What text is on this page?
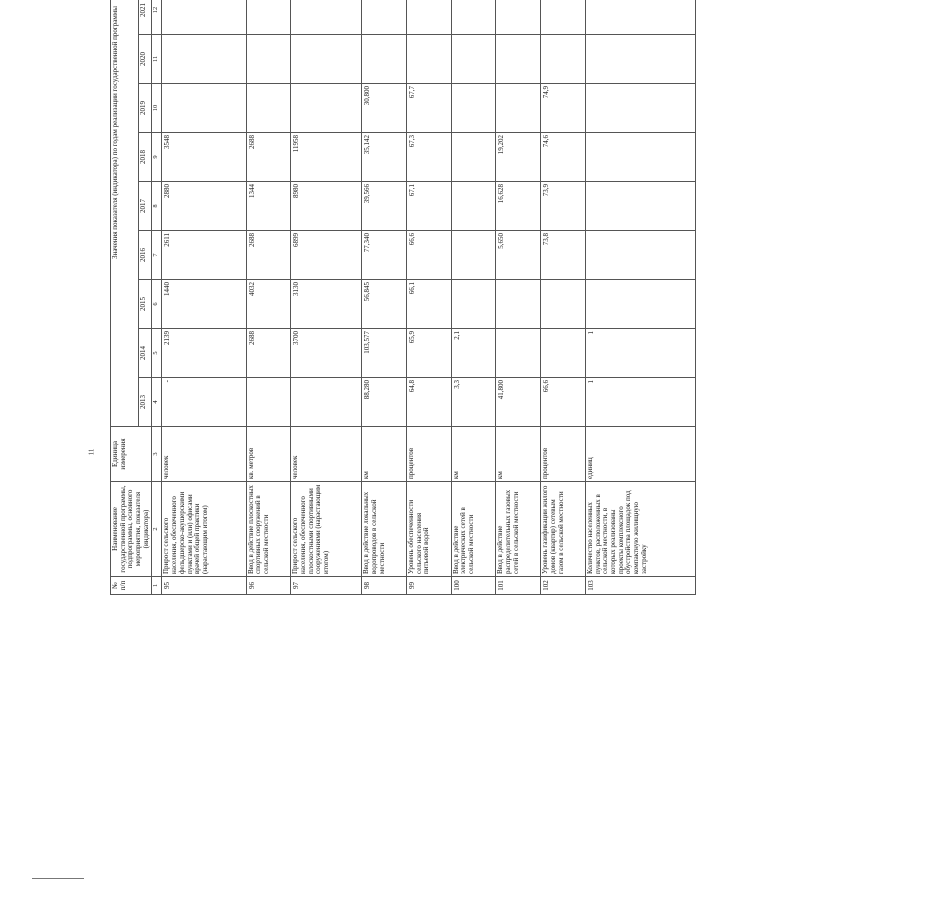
11
№ п/п	Наименование государственной программы, подпрограммы, основного мероприятия, показателя (индикатора)	Единица измерения	Значения показателя (индикатора) по годам реализации государственной программы	
			2013	2014	2015	2016	2017	2018	2019	2020	2021			
1	2	3	4	5	6	7	8	9	10	11	12				
95	Прирост сельского населения, обеспеченного фельдшерско-акушерскими пунктами и (или) офисами врачей общей практики (нарастающим итогом)	человек	-	2139	1440	2611	2880	3548							
96	Ввод в действие плоскостных спортивных сооружений в сельской местности	кв. метров		2688	4032	2688	1344	2688							
97	Прирост сельского населения, обеспеченного плоскостными спортивными сооружениями (нарастающим итогом)	человек		3700	3130	6899	8980	11958							
98	Ввод в действие локальных водопроводов в сельской местности	км	88,280	103,577	56,845	77,340	39,566	35,142	30,800						
99	Уровень обеспеченности сельского населения питьевой водой	процентов	64,8	65,9	66,1	66,6	67,1	67,3	67,7						
100	Ввод в действие электрических сетей в сельской местности	км	3,3	2,1											
101	Ввод в действие распределительных газовых сетей в сельской местности	км	41,800			5,650	16,628	19,202							
102	Уровень газификации жилого домов (квартир) сетевым газом в сельской местности	процентов	66,6			73,8	73,9	74,6	74,9						
103	Количество населенных пунктов, расположенных в сельской местности, в которых реализованы проекты комплексного обустройства площадок под компактную жилищную застройку	единиц	1	1											
